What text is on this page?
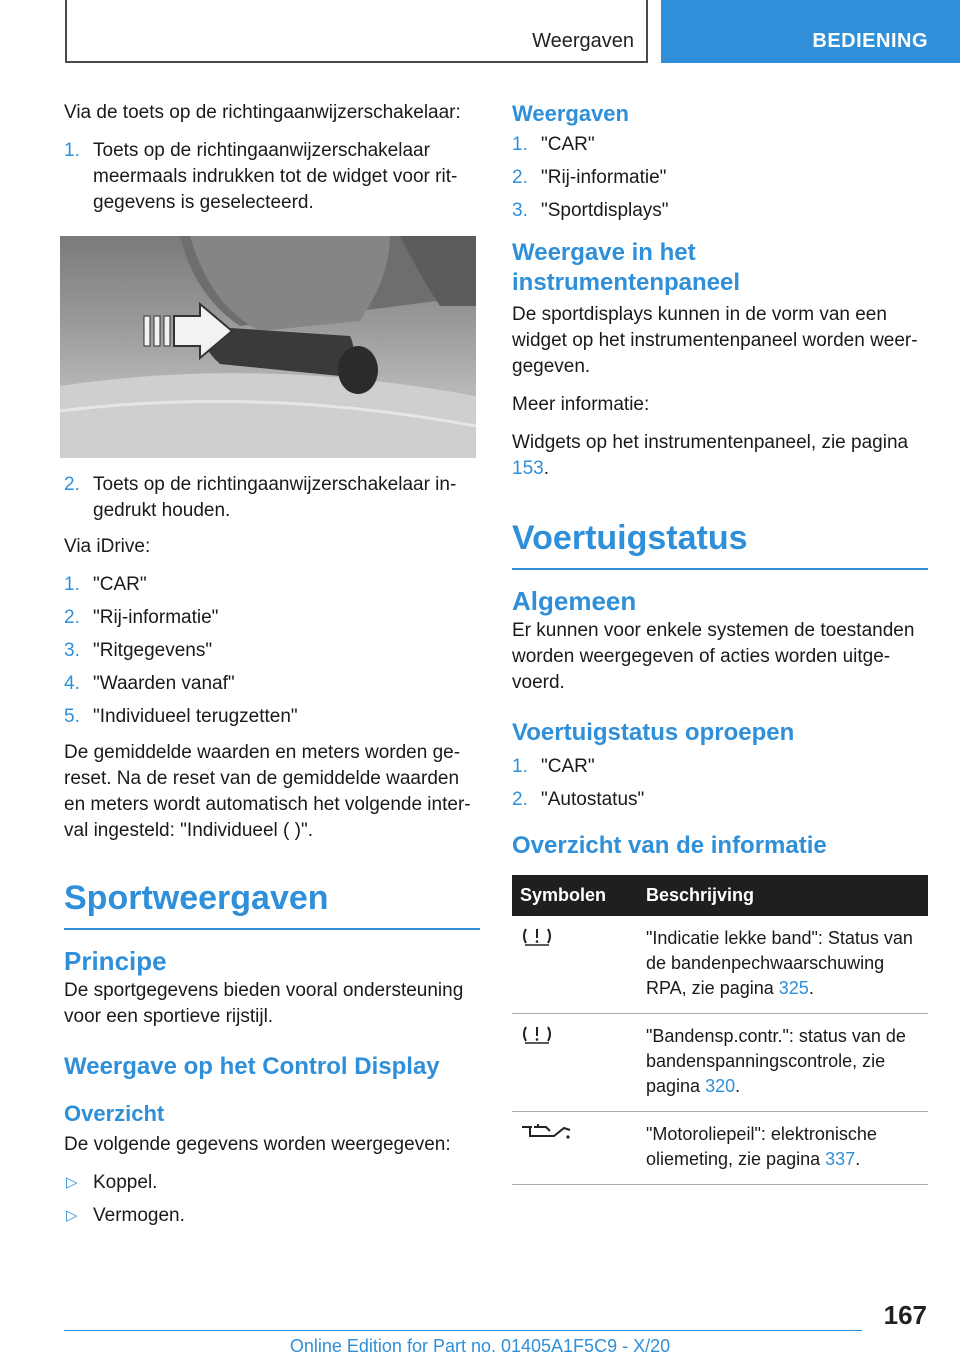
Weergaven	BEDIENING

Via de toets op de richtingaanwijzerschakelaar:

1. Toets op de richtingaanwijzerschakelaar meermaals indrukken tot de widget voor ritgegevens is geselecteerd.
2. Toets op de richtingaanwijzerschakelaar ingedrukt houden.

Via iDrive:

1. "CAR"
2. "Rij-informatie"
3. "Ritgegevens"
4. "Waarden vanaf"
5. "Individueel terugzetten"

De gemiddelde waarden en meters worden gereset. Na de reset van de gemiddelde waarden en meters wordt automatisch het volgende interval ingesteld: "Individueel ( )".

Sportweergaven
Principe

De sportgegevens bieden vooral ondersteuning voor een sportieve rijstijl.

Weergave op het Control Display
Overzicht

De volgende gegevens worden weergegeven:

▷ Koppel.
▷ Vermogen.
Weergaven
1. "CAR"
2. "Rij-informatie"
3. "Sportdisplays"
Weergave in het instrumentenpaneel

De sportdisplays kunnen in de vorm van een widget op het instrumentenpaneel worden weergegeven.

Meer informatie:

Widgets op het instrumentenpaneel, zie pagina 153.

Voertuigstatus
Algemeen

Er kunnen voor enkele systemen de toestanden worden weergegeven of acties worden uitgevoerd.

Voertuigstatus oproepen
1. "CAR"
2. "Autostatus"
Overzicht van de informatie
Symbolen	Beschrijving
	"Indicatie lekke band": Status van de bandenpechwaarschuwing RPA, zie pagina 325.
	"Bandensp.contr.": status van de bandenspanningscontrole, zie pagina 320.
	"Motoroliepeil": elektronische oliemeting, zie pagina 337.
167
Online Edition for Part no. 01405A1F5C9 - X/20
